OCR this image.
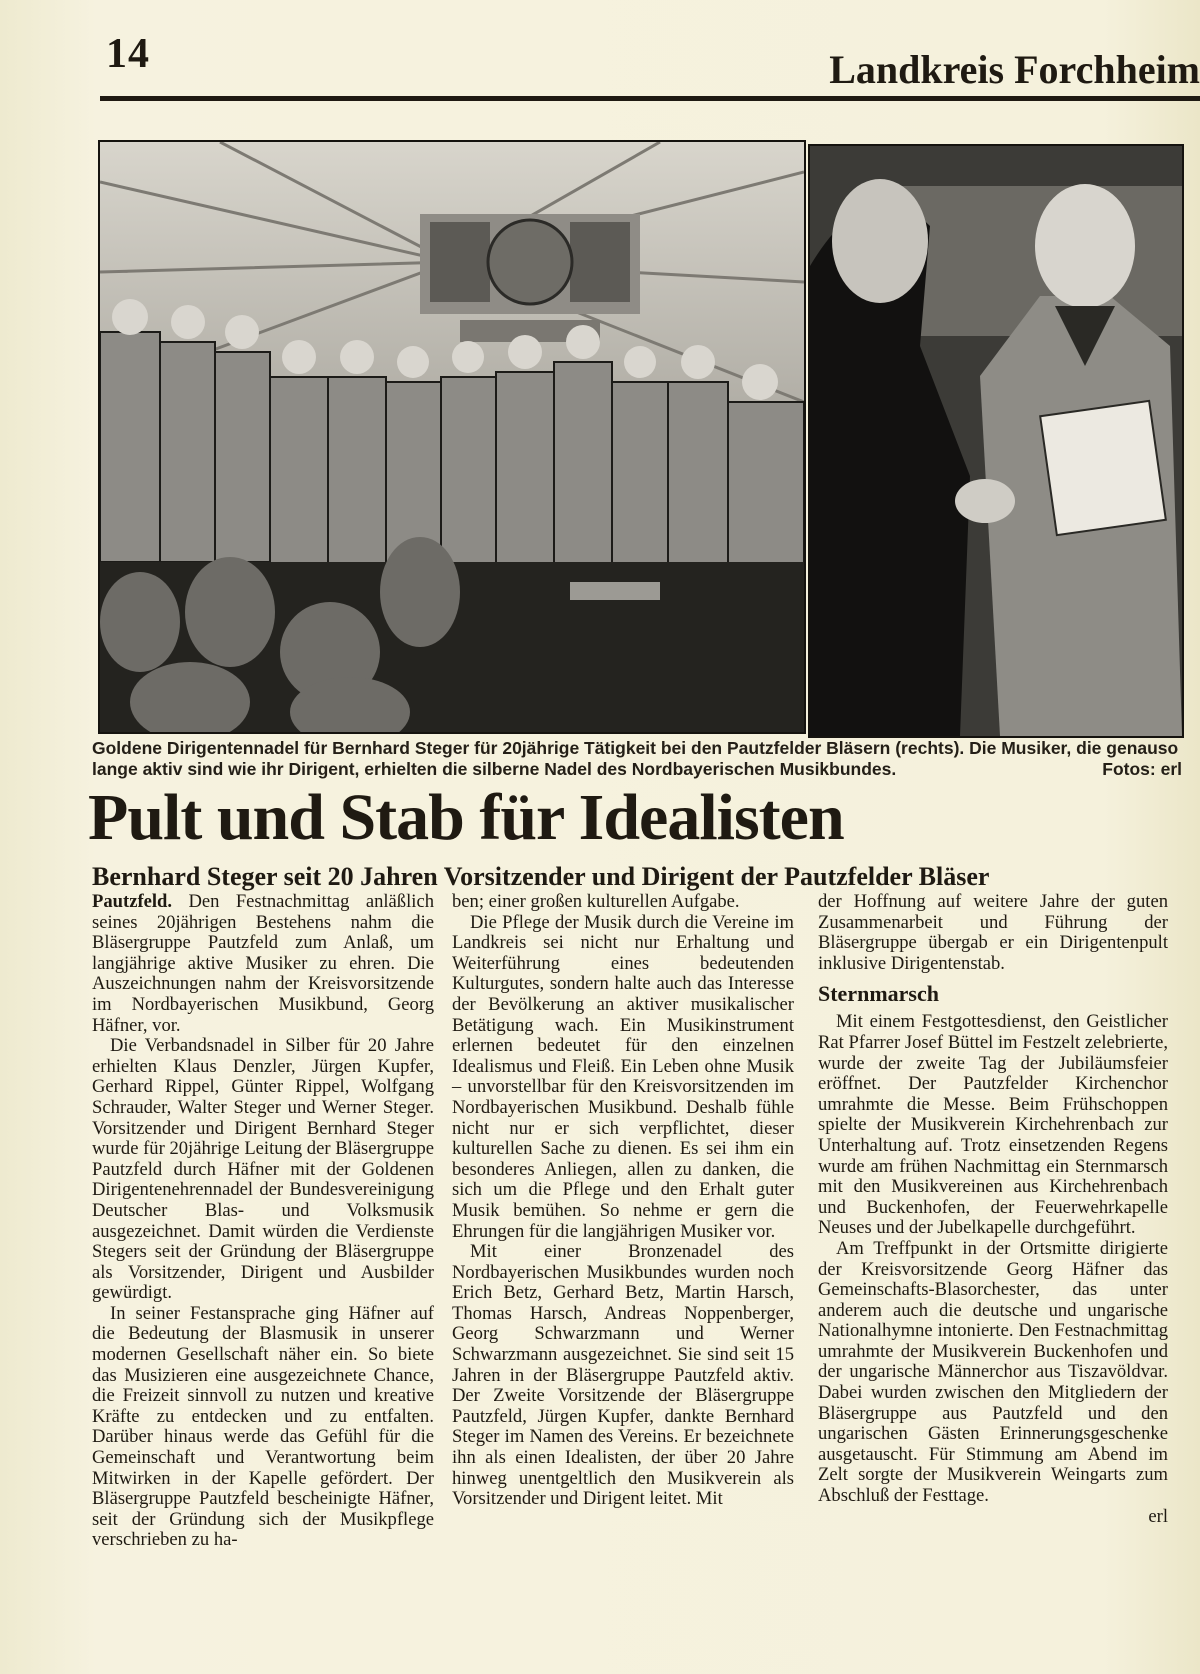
14	Landkreis Forchheim
Goldene Dirigentennadel für Bernhard Steger für 20jährige Tätigkeit bei den Pautzfelder Bläsern (rechts). Die Musiker, die genauso lange aktiv sind wie ihr Dirigent, erhielten die silberne Nadel des Nordbayerischen Musikbundes.	Fotos: erl
Pult und Stab für Idealisten
Bernhard Steger seit 20 Jahren Vorsitzender und Dirigent der Pautzfelder Bläser

Pautzfeld. Den Festnachmittag anläßlich seines 20jährigen Bestehens nahm die Bläsergruppe Pautzfeld zum Anlaß, um langjährige aktive Musiker zu ehren. Die Auszeichnungen nahm der Kreisvorsitzende im Nordbayerischen Musikbund, Georg Häfner, vor.

Die Verbandsnadel in Silber für 20 Jahre erhielten Klaus Denzler, Jürgen Kupfer, Gerhard Rippel, Günter Rippel, Wolfgang Schrauder, Walter Steger und Werner Steger. Vorsitzender und Dirigent Bernhard Steger wurde für 20jährige Leitung der Bläsergruppe Pautzfeld durch Häfner mit der Goldenen Dirigentenehrennadel der Bundesvereinigung Deutscher Blas- und Volksmusik ausgezeichnet. Damit würden die Verdienste Stegers seit der Gründung der Bläsergruppe als Vorsitzender, Dirigent und Ausbilder gewürdigt.

In seiner Festansprache ging Häfner auf die Bedeutung der Blasmusik in unserer modernen Gesellschaft näher ein. So biete das Musizieren eine ausgezeichnete Chance, die Freizeit sinnvoll zu nutzen und kreative Kräfte zu entdecken und zu entfalten. Darüber hinaus werde das Gefühl für die Gemeinschaft und Verantwortung beim Mitwirken in der Kapelle gefördert. Der Bläsergruppe Pautzfeld bescheinigte Häfner, seit der Gründung sich der Musikpflege verschrieben zu ha-

ben; einer großen kulturellen Aufgabe.

Die Pflege der Musik durch die Vereine im Landkreis sei nicht nur Erhaltung und Weiterführung eines bedeutenden Kulturgutes, sondern halte auch das Interesse der Bevölkerung an aktiver musikalischer Betätigung wach. Ein Musikinstrument erlernen bedeutet für den einzelnen Idealismus und Fleiß. Ein Leben ohne Musik – unvorstellbar für den Kreisvorsitzenden im Nordbayerischen Musikbund. Deshalb fühle nicht nur er sich verpflichtet, dieser kulturellen Sache zu dienen. Es sei ihm ein besonderes Anliegen, allen zu danken, die sich um die Pflege und den Erhalt guter Musik bemühen. So nehme er gern die Ehrungen für die langjährigen Musiker vor.

Mit einer Bronzenadel des Nordbayerischen Musikbundes wurden noch Erich Betz, Gerhard Betz, Martin Harsch, Thomas Harsch, Andreas Noppenberger, Georg Schwarzmann und Werner Schwarzmann ausgezeichnet. Sie sind seit 15 Jahren in der Bläsergruppe Pautzfeld aktiv. Der Zweite Vorsitzende der Bläsergruppe Pautzfeld, Jürgen Kupfer, dankte Bernhard Steger im Namen des Vereins. Er bezeichnete ihn als einen Idealisten, der über 20 Jahre hinweg unentgeltlich den Musikverein als Vorsitzender und Dirigent leitet. Mit

der Hoffnung auf weitere Jahre der guten Zusammenarbeit und Führung der Bläsergruppe übergab er ein Dirigentenpult inklusive Dirigentenstab.

Sternmarsch

Mit einem Festgottesdienst, den Geistlicher Rat Pfarrer Josef Büttel im Festzelt zelebrierte, wurde der zweite Tag der Jubiläumsfeier eröffnet. Der Pautzfelder Kirchenchor umrahmte die Messe. Beim Frühschoppen spielte der Musikverein Kirchehrenbach zur Unterhaltung auf. Trotz einsetzenden Regens wurde am frühen Nachmittag ein Sternmarsch mit den Musikvereinen aus Kirchehrenbach und Buckenhofen, der Feuerwehrkapelle Neuses und der Jubelkapelle durchgeführt.

Am Treffpunkt in der Ortsmitte dirigierte der Kreisvorsitzende Georg Häfner das Gemeinschafts-Blasorchester, das unter anderem auch die deutsche und ungarische Nationalhymne intonierte. Den Festnachmittag umrahmte der Musikverein Buckenhofen und der ungarische Männerchor aus Tiszavöldvar. Dabei wurden zwischen den Mitgliedern der Bläsergruppe aus Pautzfeld und den ungarischen Gästen Erinnerungsgeschenke ausgetauscht. Für Stimmung am Abend im Zelt sorgte der Musikverein Weingarts zum Abschluß der Festtage.

erl
